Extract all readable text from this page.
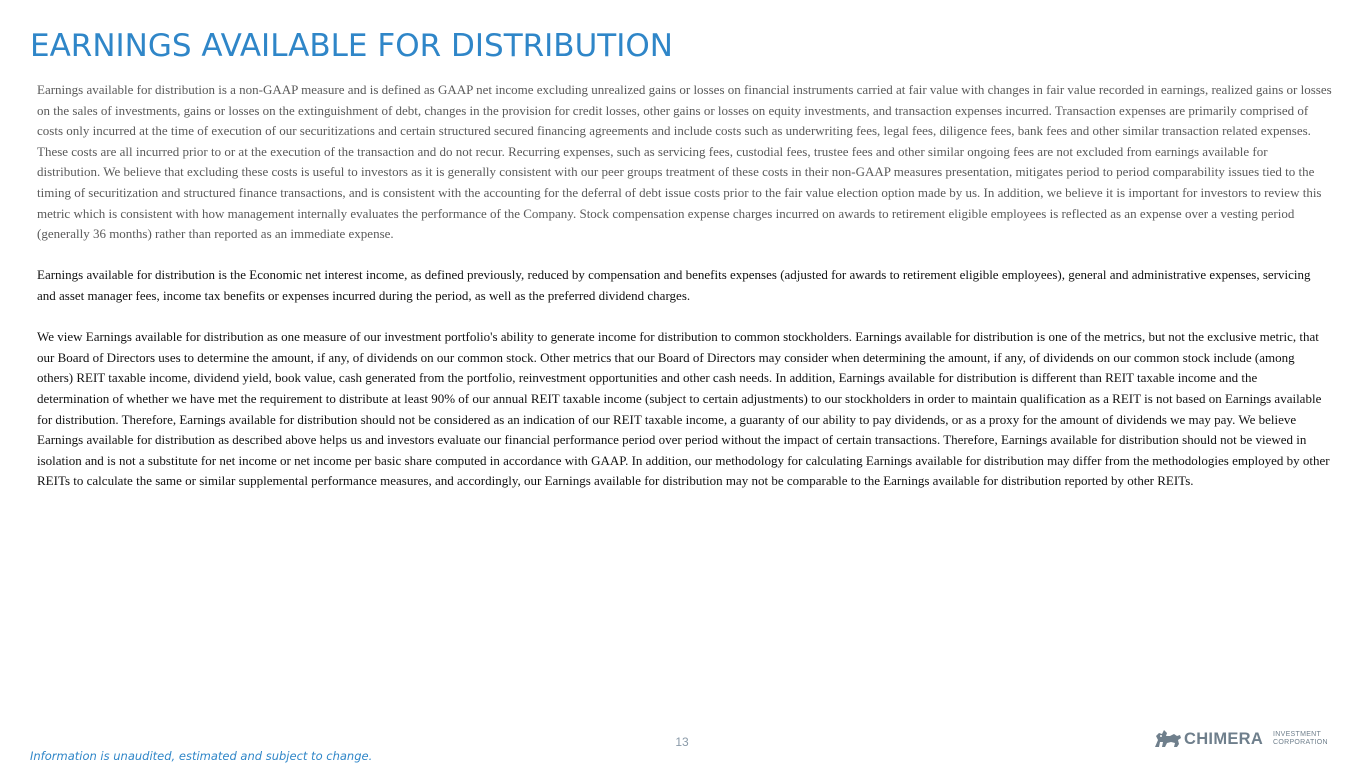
EARNINGS AVAILABLE FOR DISTRIBUTION

Earnings available for distribution is a non-GAAP measure and is defined as GAAP net income excluding unrealized gains or losses on financial instruments carried at fair value with changes in fair value recorded in earnings, realized gains or losses on the sales of investments, gains or losses on the extinguishment of debt, changes in the provision for credit losses, other gains or losses on equity investments, and transaction expenses incurred. Transaction expenses are primarily comprised of costs only incurred at the time of execution of our securitizations and certain structured secured financing agreements and include costs such as underwriting fees, legal fees, diligence fees, bank fees and other similar transaction related expenses. These costs are all incurred prior to or at the execution of the transaction and do not recur. Recurring expenses, such as servicing fees, custodial fees, trustee fees and other similar ongoing fees are not excluded from earnings available for distribution. We believe that excluding these costs is useful to investors as it is generally consistent with our peer groups treatment of these costs in their non-GAAP measures presentation, mitigates period to period comparability issues tied to the timing of securitization and structured finance transactions, and is consistent with the accounting for the deferral of debt issue costs prior to the fair value election option made by us. In addition, we believe it is important for investors to review this metric which is consistent with how management internally evaluates the performance of the Company. Stock compensation expense charges incurred on awards to retirement eligible employees is reflected as an expense over a vesting period (generally 36 months) rather than reported as an immediate expense.

Earnings available for distribution is the Economic net interest income, as defined previously, reduced by compensation and benefits expenses (adjusted for awards to retirement eligible employees), general and administrative expenses, servicing and asset manager fees, income tax benefits or expenses incurred during the period, as well as the preferred dividend charges.

We view Earnings available for distribution as one measure of our investment portfolio's ability to generate income for distribution to common stockholders. Earnings available for distribution is one of the metrics, but not the exclusive metric, that our Board of Directors uses to determine the amount, if any, of dividends on our common stock. Other metrics that our Board of Directors may consider when determining the amount, if any, of dividends on our common stock include (among others) REIT taxable income, dividend yield, book value, cash generated from the portfolio, reinvestment opportunities and other cash needs. In addition, Earnings available for distribution is different than REIT taxable income and the determination of whether we have met the requirement to distribute at least 90% of our annual REIT taxable income (subject to certain adjustments) to our stockholders in order to maintain qualification as a REIT is not based on Earnings available for distribution. Therefore, Earnings available for distribution should not be considered as an indication of our REIT taxable income, a guaranty of our ability to pay dividends, or as a proxy for the amount of dividends we may pay. We believe Earnings available for distribution as described above helps us and investors evaluate our financial performance period over period without the impact of certain transactions. Therefore, Earnings available for distribution should not be viewed in isolation and is not a substitute for net income or net income per basic share computed in accordance with GAAP. In addition, our methodology for calculating Earnings available for distribution may differ from the methodologies employed by other REITs to calculate the same or similar supplemental performance measures, and accordingly, our Earnings available for distribution may not be comparable to the Earnings available for distribution reported by other REITs.

13
Information is unaudited, estimated and subject to change.
CHIMERA INVESTMENT
CORPORATION
